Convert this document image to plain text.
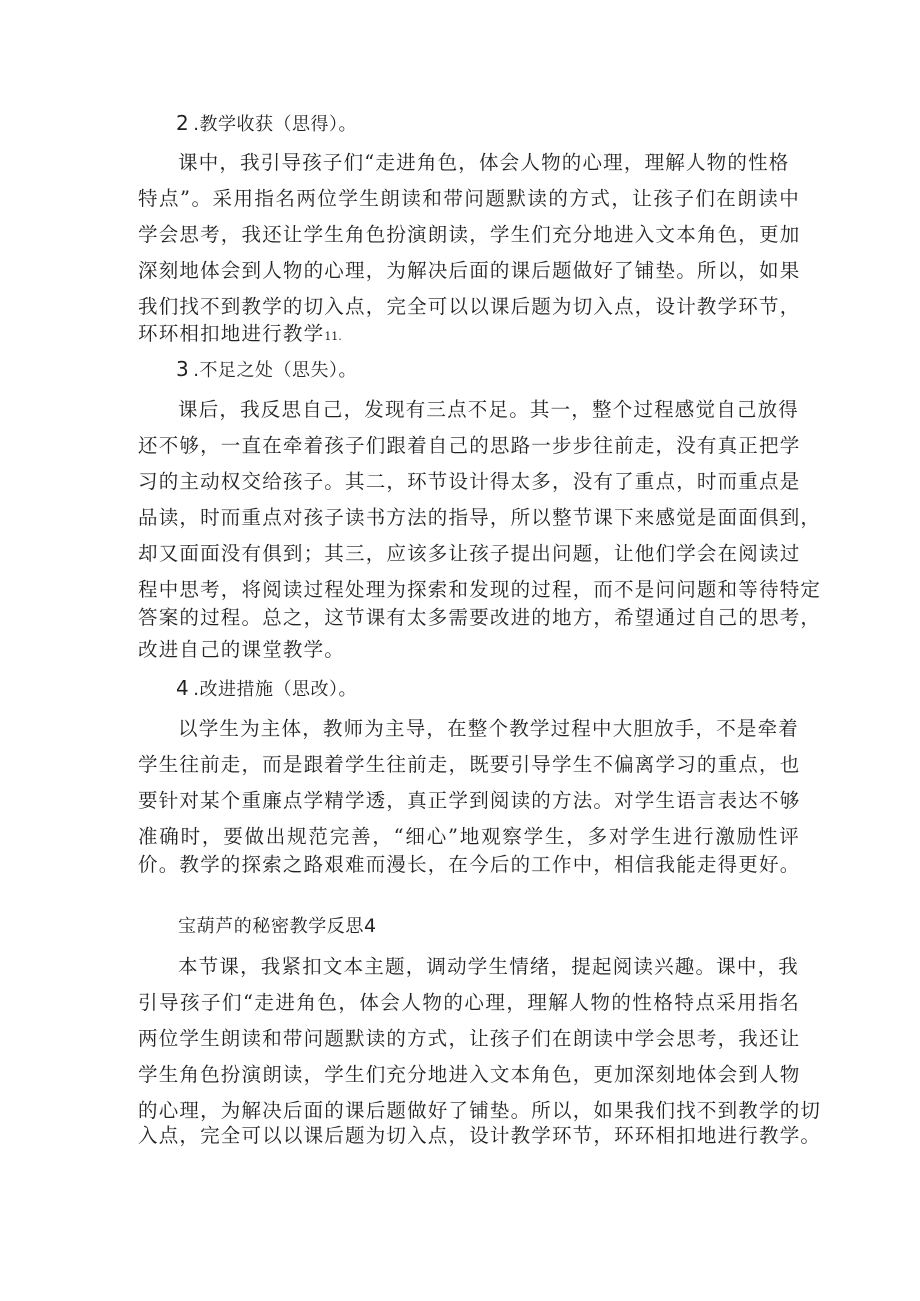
2 .教学收获（思得）。
课中，我引导孩子们“走进角色，体会人物的心理，理解人物的性格
特点”。采用指名两位学生朗读和带问题默读的方式，让孩子们在朗读中
学会思考，我还让学生角色扮演朗读，学生们充分地进入文本角色，更加
深刻地体会到人物的心理，为解决后面的课后题做好了铺垫。所以，如果
我们找不到教学的切入点，完全可以以课后题为切入点，设计教学环节，
环环相扣地进行教学11.
3 .不足之处（思失）。
课后，我反思自己，发现有三点不足。其一，整个过程感觉自己放得
还不够，一直在牵着孩子们跟着自己的思路一步步往前走，没有真正把学
习的主动权交给孩子。其二，环节设计得太多，没有了重点，时而重点是
品读，时而重点对孩子读书方法的指导，所以整节课下来感觉是面面俱到，
却又面面没有俱到；其三，应该多让孩子提出问题，让他们学会在阅读过
程中思考，将阅读过程处理为探索和发现的过程，而不是问问题和等待特定
答案的过程。总之，这节课有太多需要改进的地方，希望通过自己的思考，
改进自己的课堂教学。
4 .改进措施（思改）。
以学生为主体，教师为主导，在整个教学过程中大胆放手，不是牵着
学生往前走，而是跟着学生往前走，既要引导学生不偏离学习的重点，也
要针对某个重廉点学精学透，真正学到阅读的方法。对学生语言表达不够
准确时，要做出规范完善，“细心”地观察学生，多对学生进行激励性评
价。教学的探索之路艰难而漫长，在今后的工作中，相信我能走得更好。
宝葫芦的秘密教学反思4
本节课，我紧扣文本主题，调动学生情绪，提起阅读兴趣。课中，我
引导孩子们“走进角色，体会人物的心理，理解人物的性格特点采用指名
两位学生朗读和带问题默读的方式，让孩子们在朗读中学会思考，我还让
学生角色扮演朗读，学生们充分地进入文本角色，更加深刻地体会到人物
的心理，为解决后面的课后题做好了铺垫。所以，如果我们找不到教学的切
入点，完全可以以课后题为切入点，设计教学环节，环环相扣地进行教学。
